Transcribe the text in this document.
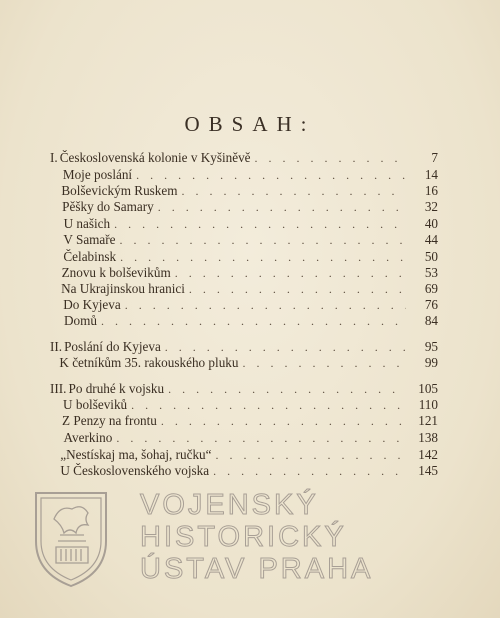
OBSAH:
I. Československá kolonie v Kyšiněvě . . .	7
Moje poslání . . .	14
Bolševickým Ruskem . . .	16
Pěšky do Samary . . .	32
U našich . . .	40
V Samaře . . .	44
Čelabinsk . . .	50
Znovu k bolševikům . . .	53
Na Ukrajinskou hranici . . .	69
Do Kyjeva . . .	76
Domů . . .	84
II. Poslání do Kyjeva . . .	95
K četníkům 35. rakouského pluku . . .	99
III. Po druhé k vojsku . . .	105
U bolševiků . . .	110
Z Penzy na frontu . . .	121
Averkino . . .	138
„Nestískaj ma, šohaj, ručku“ . . .	142
U Československého vojska . . .	145
VOJENSKÝ
HISTORICKÝ
ÚSTAV PRAHA
